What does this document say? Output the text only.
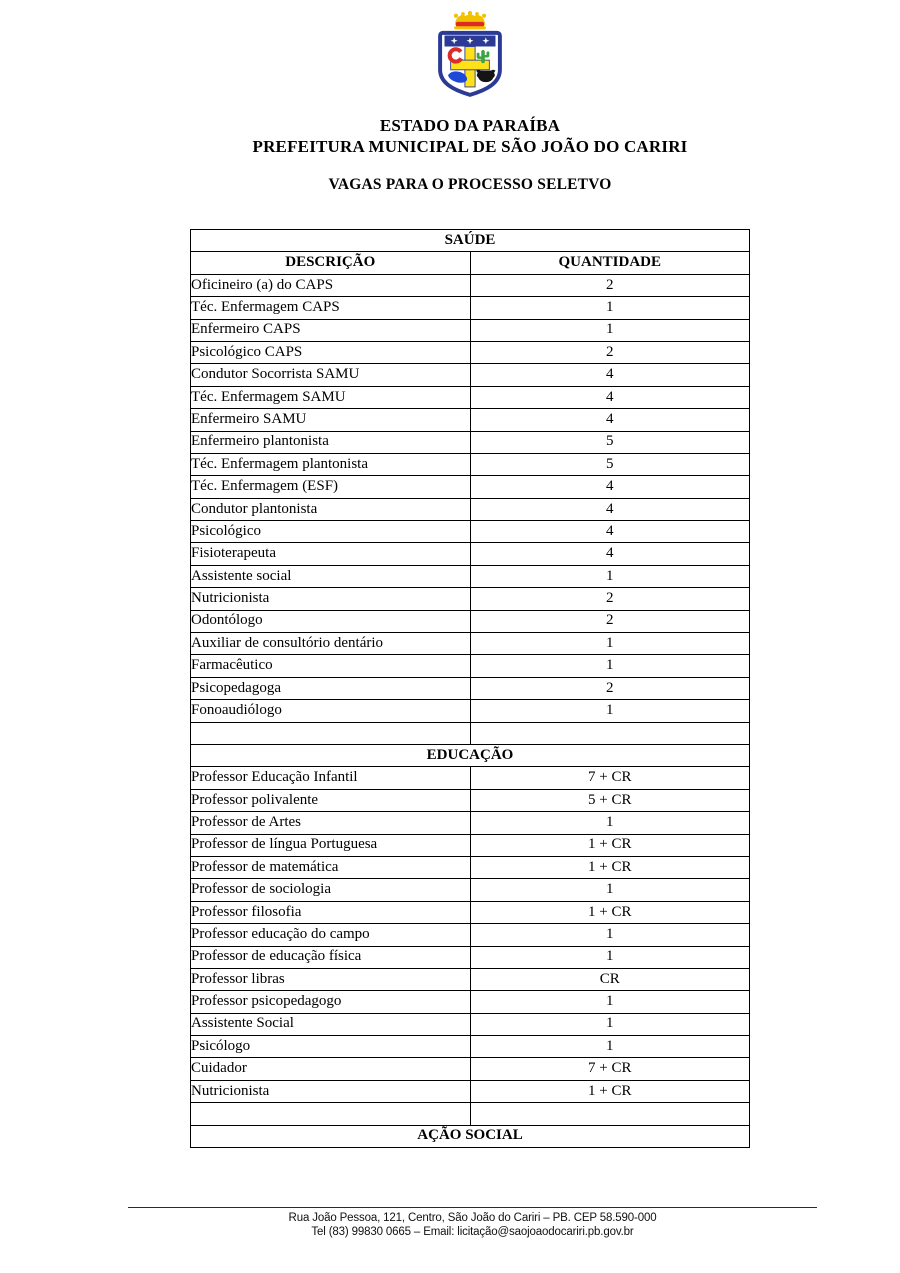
ESTADO DA PARAÍBA
PREFEITURA MUNICIPAL DE SÃO JOÃO DO CARIRI
VAGAS PARA O PROCESSO SELETVO
SAÚDE	
DESCRIÇÃO	QUANTIDADE
Oficineiro (a) do CAPS	2
Téc. Enfermagem CAPS	1
Enfermeiro CAPS	1
Psicológico CAPS	2
Condutor Socorrista SAMU	4
Téc. Enfermagem SAMU	4
Enfermeiro SAMU	4
Enfermeiro plantonista	5
Téc. Enfermagem plantonista	5
Téc. Enfermagem (ESF)	4
Condutor plantonista	4
Psicológico	4
Fisioterapeuta	4
Assistente social	1
Nutricionista	2
Odontólogo	2
Auxiliar de consultório dentário	1
Farmacêutico	1
Psicopedagoga	2
Fonoaudiólogo	1

EDUCAÇÃO	
Professor Educação Infantil	7 + CR
Professor polivalente	5 + CR
Professor de Artes	1
Professor de língua Portuguesa	1 + CR
Professor de matemática	1 + CR
Professor de sociologia	1
Professor filosofia	1 + CR
Professor educação do campo	1
Professor de educação física	1
Professor libras	CR
Professor psicopedagogo	1
Assistente Social	1
Psicólogo	1
Cuidador	7 + CR
Nutricionista	1 + CR

AÇÃO SOCIAL	
Rua João Pessoa, 121, Centro, São João do Cariri – PB. CEP 58.590-000
Tel (83) 99830 0665 – Email: licitação@saojoaodocariri.pb.gov.br
